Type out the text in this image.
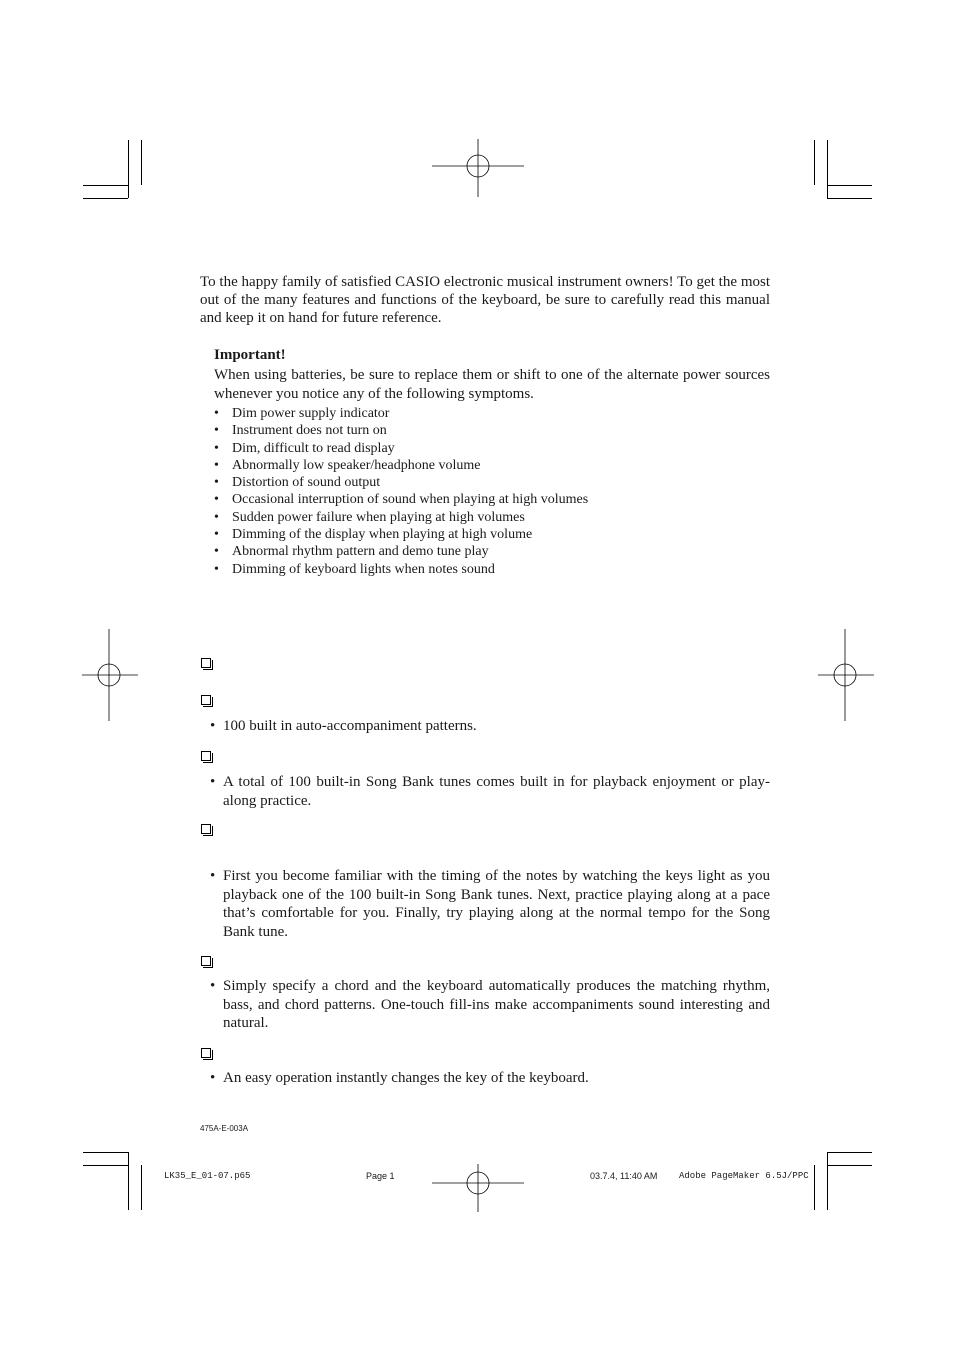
To the happy family of satisfied CASIO electronic musical instrument owners! To get the most out of the many features and functions of the keyboard, be sure to carefully read this manual and keep it on hand for future reference.

Important!
When using batteries, be sure to replace them or shift to one of the alternate power sources whenever you notice any of the following symptoms.
• Dim power supply indicator
• Instrument does not turn on
• Dim, difficult to read display
• Abnormally low speaker/headphone volume
• Distortion of sound output
• Occasional interruption of sound when playing at high volumes
• Sudden power failure when playing at high volumes
• Dimming of the display when playing at high volume
• Abnormal rhythm pattern and demo tune play
• Dimming of keyboard lights when notes sound
• 100 built in auto-accompaniment patterns.
• A total of 100 built-in Song Bank tunes comes built in for playback enjoyment or play-along practice.
• First you become familiar with the timing of the notes by watching the keys light as you playback one of the 100 built-in Song Bank tunes. Next, practice playing along at a pace that’s comfortable for you. Finally, try playing along at the normal tempo for the Song Bank tune.
• Simply specify a chord and the keyboard automatically produces the matching rhythm, bass, and chord patterns. One-touch fill-ins make accompaniments sound interesting and natural.
• An easy operation instantly changes the key of the keyboard.
475A-E-003A
LK35_E_01-07.p65	Page 1	03.7.4, 11:40 AM Adobe PageMaker 6.5J/PPC
